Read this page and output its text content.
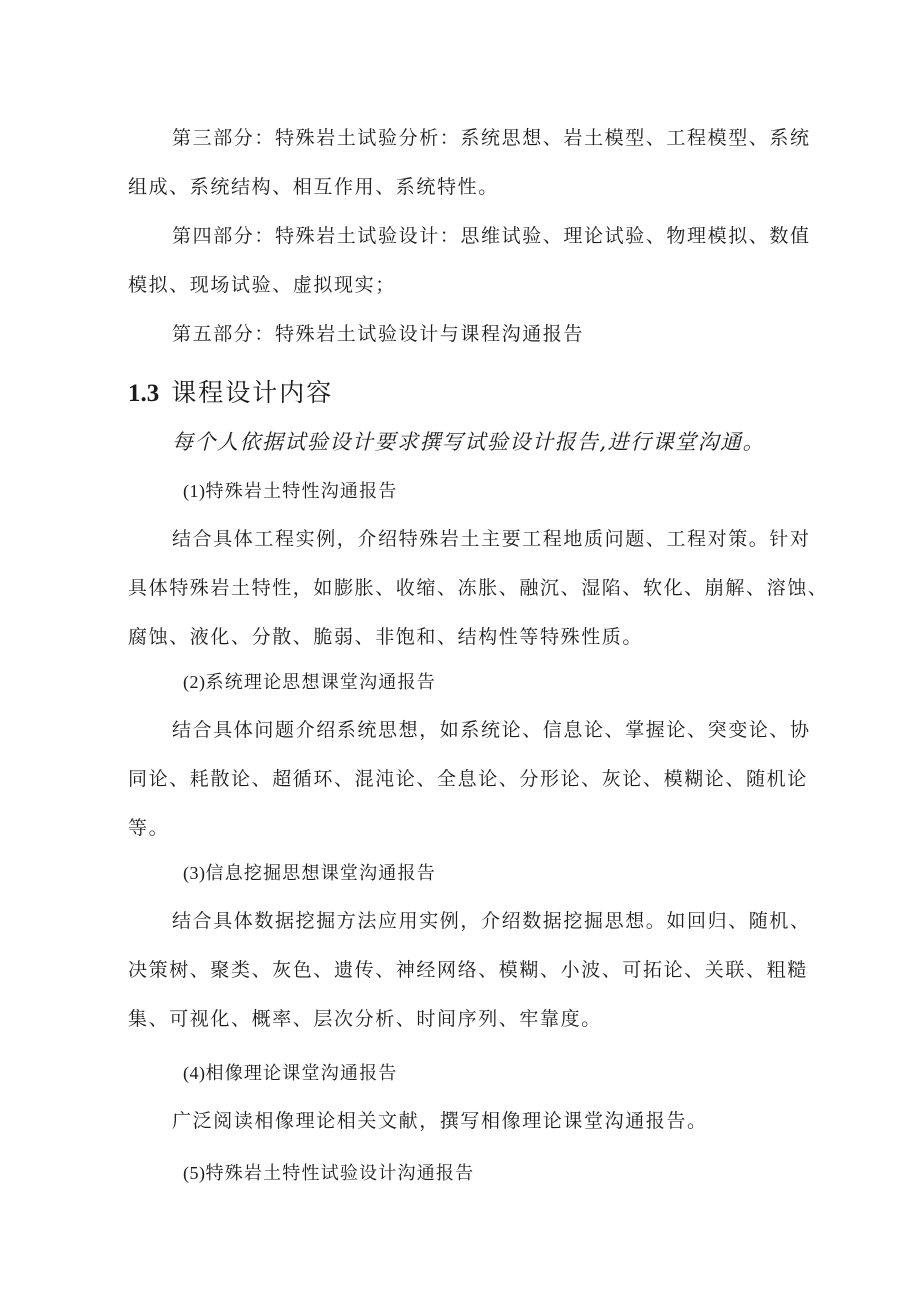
第三部分：特殊岩土试验分析：系统思想、岩土模型、工程模型、系统
组成、系统结构、相互作用、系统特性。
第四部分：特殊岩土试验设计：思维试验、理论试验、物理模拟、数值
模拟、现场试验、虚拟现实；
第五部分：特殊岩土试验设计与课程沟通报告
1.3 课程设计内容
每个人依据试验设计要求撰写试验设计报告,进行课堂沟通。
(1)特殊岩土特性沟通报告
结合具体工程实例，介绍特殊岩土主要工程地质问题、工程对策。针对
具体特殊岩土特性，如膨胀、收缩、冻胀、融沉、湿陷、软化、崩解、溶蚀、
腐蚀、液化、分散、脆弱、非饱和、结构性等特殊性质。
(2)系统理论思想课堂沟通报告
结合具体问题介绍系统思想，如系统论、信息论、掌握论、突变论、协
同论、耗散论、超循环、混沌论、全息论、分形论、灰论、模糊论、随机论
等。
(3)信息挖掘思想课堂沟通报告
结合具体数据挖掘方法应用实例，介绍数据挖掘思想。如回归、随机、
决策树、聚类、灰色、遗传、神经网络、模糊、小波、可拓论、关联、粗糙
集、可视化、概率、层次分析、时间序列、牢靠度。
(4)相像理论课堂沟通报告
广泛阅读相像理论相关文献，撰写相像理论课堂沟通报告。
(5)特殊岩土特性试验设计沟通报告
